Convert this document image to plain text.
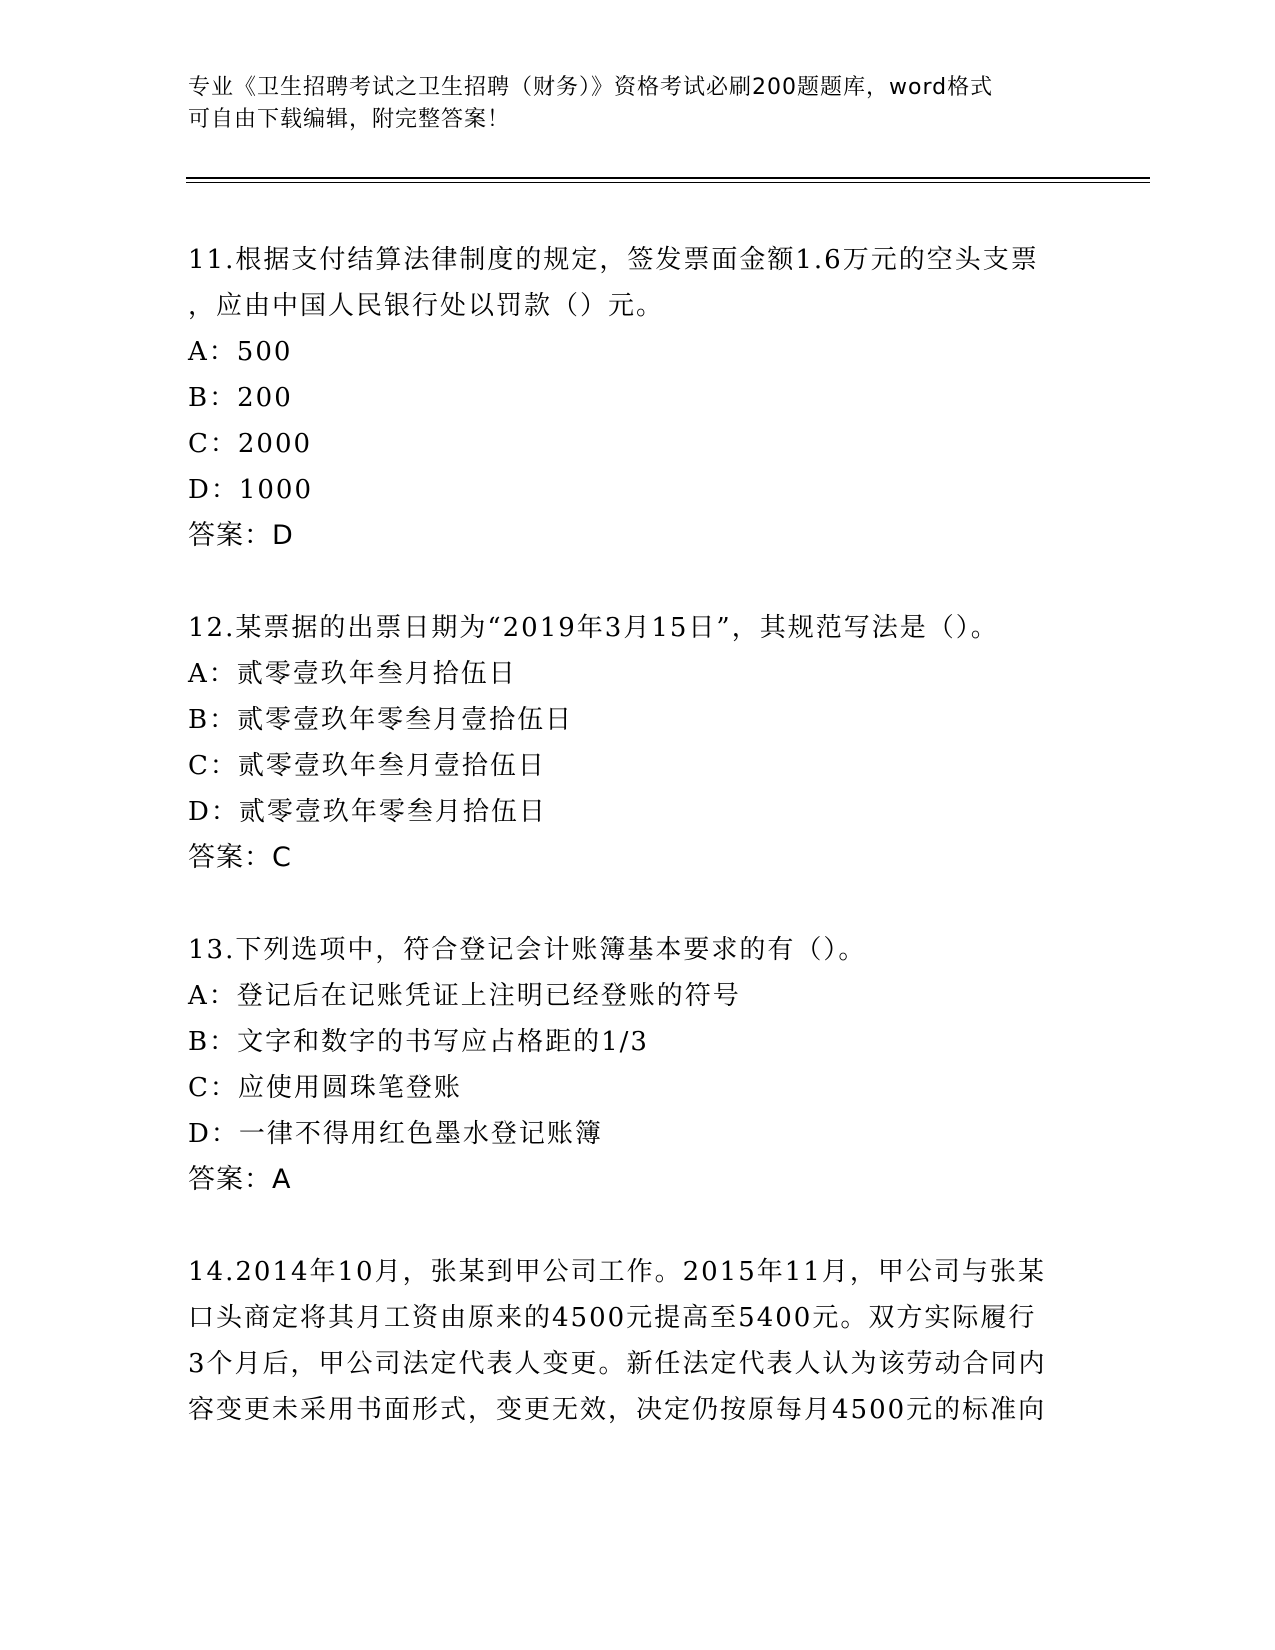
专业《卫生招聘考试之卫生招聘（财务）》资格考试必刷200题题库，word格式
可自由下载编辑，附完整答案！
11.根据支付结算法律制度的规定，签发票面金额1.6万元的空头支票
，应由中国人民银行处以罚款（）元。
A：500
B：200
C：2000
D：1000
答案：D
12.某票据的出票日期为“2019年3月15日”，其规范写法是（）。
A：贰零壹玖年叁月拾伍日
B：贰零壹玖年零叁月壹拾伍日
C：贰零壹玖年叁月壹拾伍日
D：贰零壹玖年零叁月拾伍日
答案：C
13.下列选项中，符合登记会计账簿基本要求的有（）。
A：登记后在记账凭证上注明已经登账的符号
B：文字和数字的书写应占格距的1/3
C：应使用圆珠笔登账
D：一律不得用红色墨水登记账簿
答案：A
14.2014年10月，张某到甲公司工作。2015年11月，甲公司与张某
口头商定将其月工资由原来的4500元提高至5400元。双方实际履行
3个月后，甲公司法定代表人变更。新任法定代表人认为该劳动合同内
容变更未采用书面形式，变更无效，决定仍按原每月4500元的标准向
